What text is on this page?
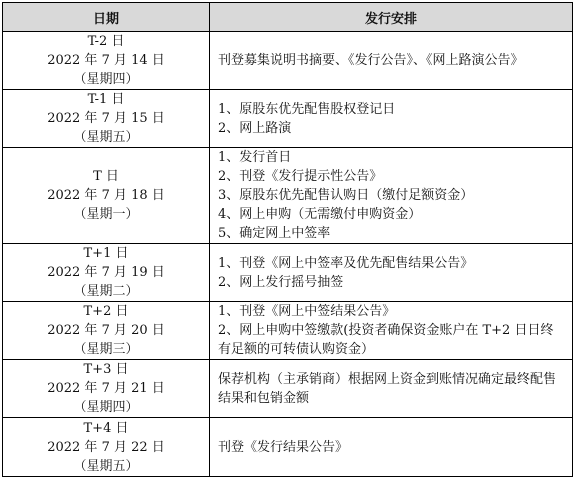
日期	发行安排

T-2 日
2022 年 7 月 14 日
（星期四）	刊登募集说明书摘要、《发行公告》、《网上路演公告》

T-1 日
2022 年 7 月 15 日
（星期五）	1、原股东优先配售股权登记日
2、网上路演

T 日
2022 年 7 月 18 日
（星期一）	1、发行首日
2、刊登《发行提示性公告》
3、原股东优先配售认购日（缴付足额资金）
4、网上申购（无需缴付申购资金）
5、确定网上中签率

T+1 日
2022 年 7 月 19 日
（星期二）	1、刊登《网上中签率及优先配售结果公告》
2、网上发行摇号抽签

T+2 日
2022 年 7 月 20 日
（星期三）	1、刊登《网上中签结果公告》
2、网上申购中签缴款(投资者确保资金账户在 T+2 日日终有足额的可转债认购资金）

T+3 日
2022 年 7 月 21 日
（星期四）	保荐机构（主承销商）根据网上资金到账情况确定最终配售结果和包销金额

T+4 日
2022 年 7 月 22 日
（星期五）	刊登《发行结果公告》
